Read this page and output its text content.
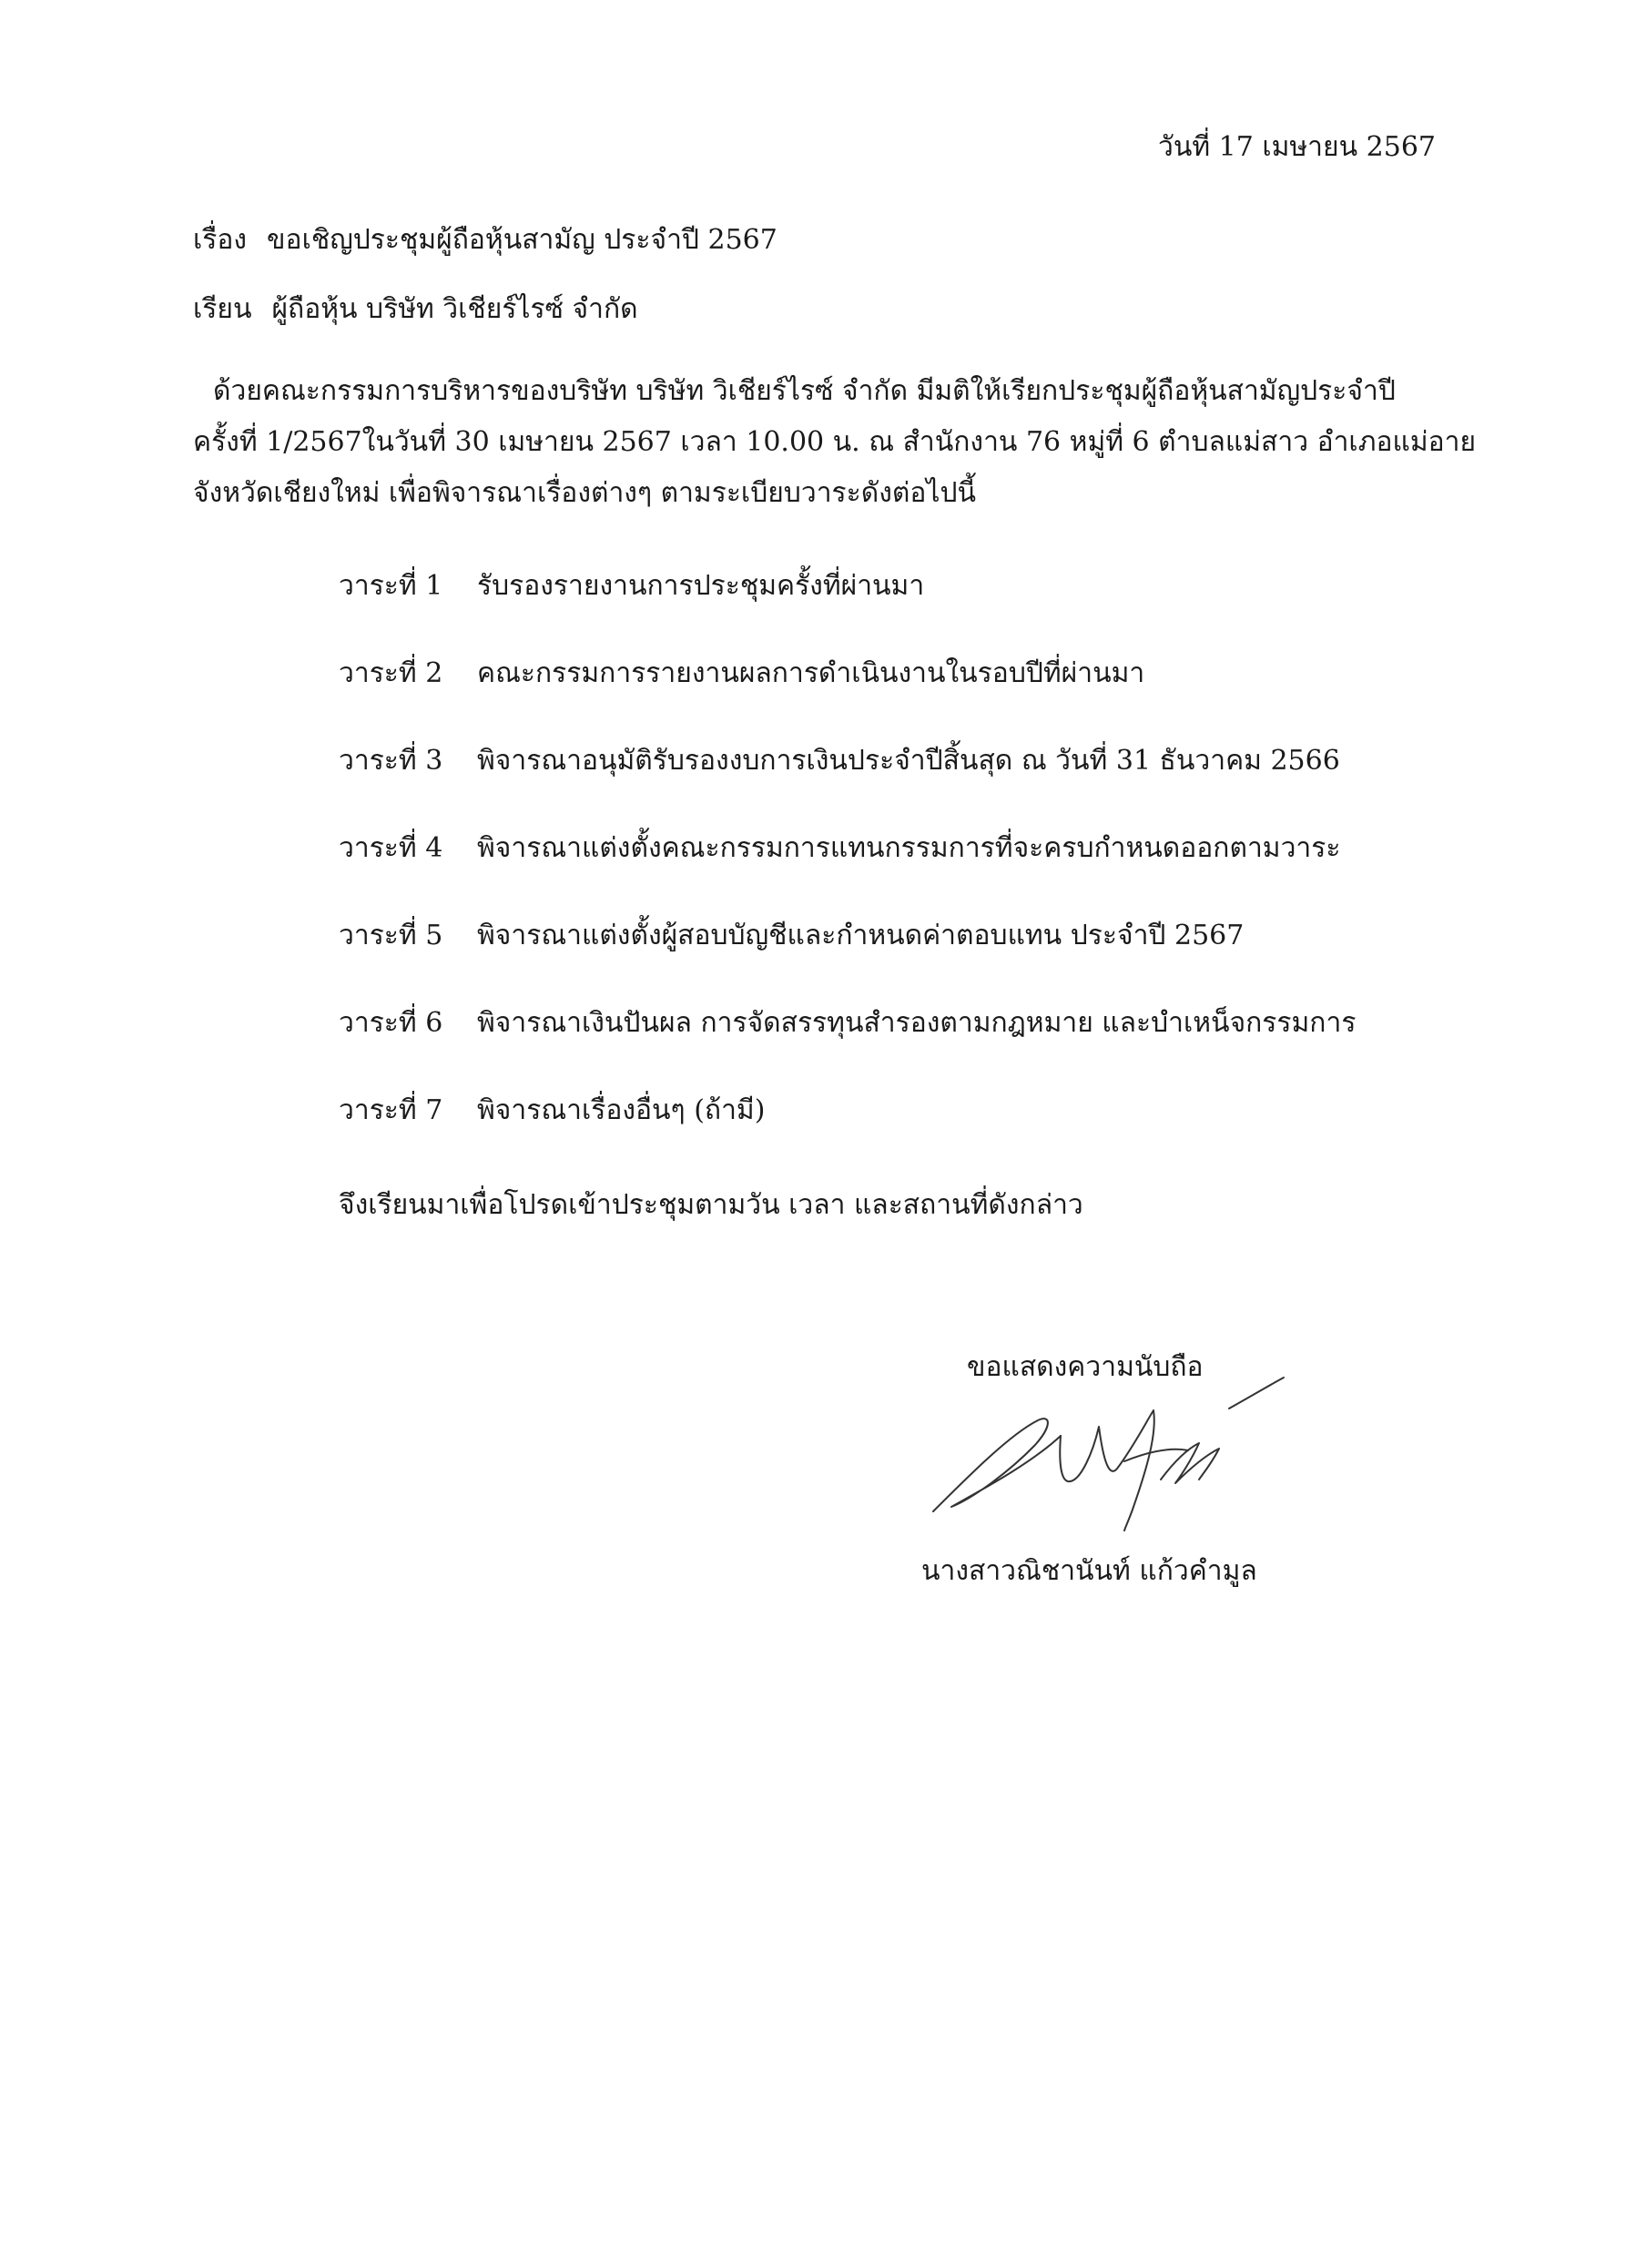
วันที่ 17 เมษายน 2567
เรื่อง ขอเชิญประชุมผู้ถือหุ้นสามัญ ประจำปี 2567
เรียน ผู้ถือหุ้น บริษัท วิเชียร์ไรซ์ จำกัด
ด้วยคณะกรรมการบริหารของบริษัท บริษัท วิเชียร์ไรซ์ จำกัด มีมติให้เรียกประชุมผู้ถือหุ้นสามัญประจำปี
ครั้งที่ 1/2567ในวันที่ 30 เมษายน 2567 เวลา 10.00 น. ณ สำนักงาน 76 หมู่ที่ 6 ตำบลแม่สาว อำเภอแม่อาย
จังหวัดเชียงใหม่ เพื่อพิจารณาเรื่องต่างๆ ตามระเบียบวาระดังต่อไปนี้
วาระที่ 1 รับรองรายงานการประชุมครั้งที่ผ่านมา
วาระที่ 2 คณะกรรมการรายงานผลการดำเนินงานในรอบปีที่ผ่านมา
วาระที่ 3 พิจารณาอนุมัติรับรองงบการเงินประจำปีสิ้นสุด ณ วันที่ 31 ธันวาคม 2566
วาระที่ 4 พิจารณาแต่งตั้งคณะกรรมการแทนกรรมการที่จะครบกำหนดออกตามวาระ
วาระที่ 5 พิจารณาแต่งตั้งผู้สอบบัญชีและกำหนดค่าตอบแทน ประจำปี 2567
วาระที่ 6 พิจารณาเงินปันผล การจัดสรรทุนสำรองตามกฎหมาย และบำเหน็จกรรมการ
วาระที่ 7 พิจารณาเรื่องอื่นๆ (ถ้ามี)
จึงเรียนมาเพื่อโปรดเข้าประชุมตามวัน เวลา และสถานที่ดังกล่าว
ขอแสดงความนับถือ
นางสาวณิชานันท์ แก้วคำมูล
